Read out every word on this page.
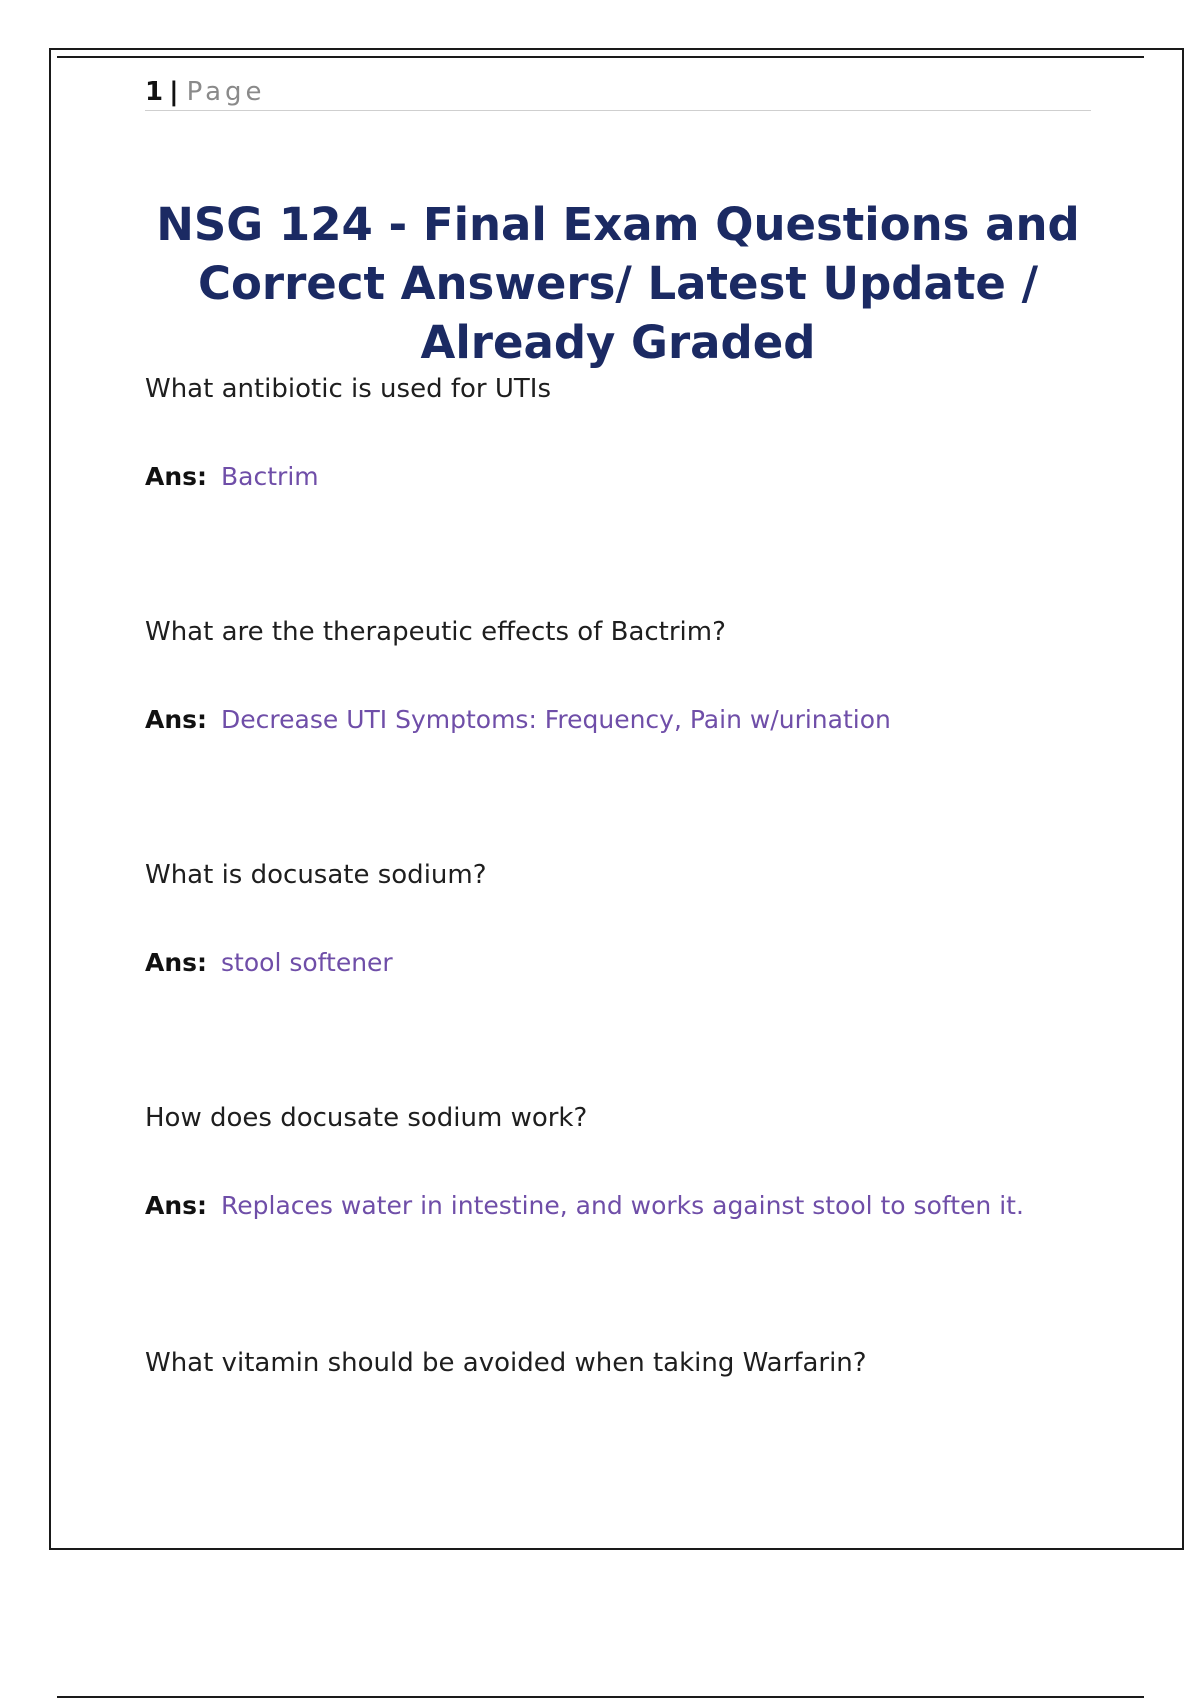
1 | Page
NSG 124 - Final Exam Questions and Correct Answers/ Latest Update / Already Graded

What antibiotic is used for UTIs

Ans: Bactrim

What are the therapeutic effects of Bactrim?

Ans: Decrease UTI Symptoms: Frequency, Pain w/urination

What is docusate sodium?

Ans: stool softener

How does docusate sodium work?

Ans: Replaces water in intestine, and works against stool to soften it.

What vitamin should be avoided when taking Warfarin?
